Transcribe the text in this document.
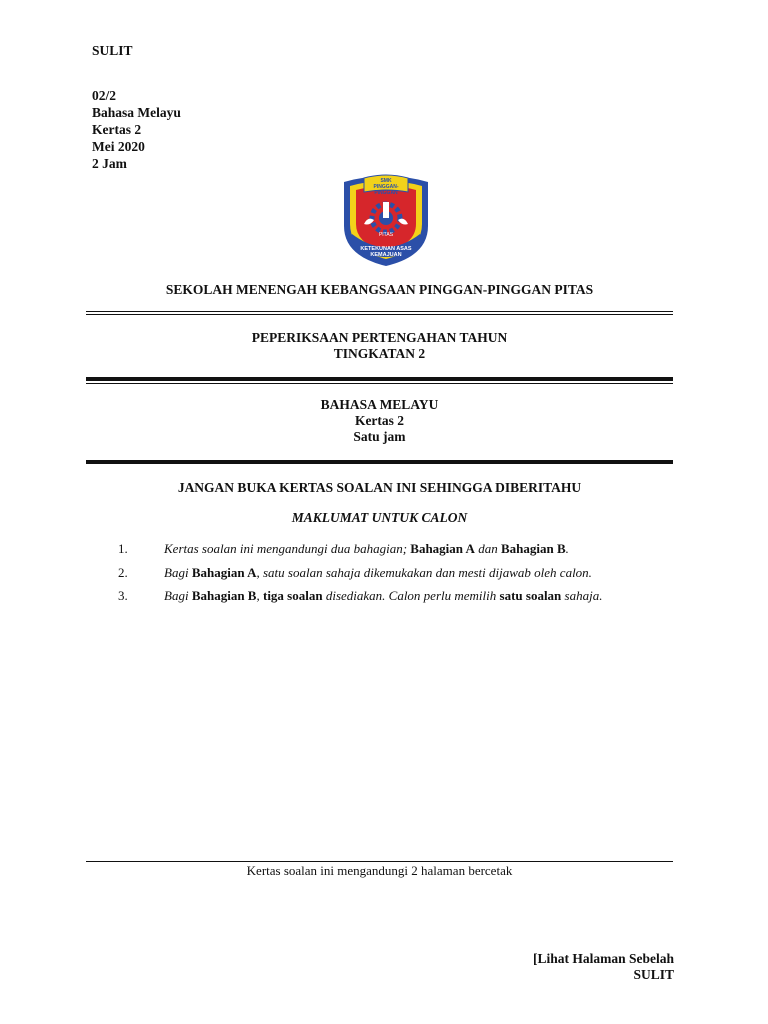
SULIT
02/2
Bahasa Melayu
Kertas 2
Mei 2020
2 Jam
SMK PINGGAN-PINGGAN
PITAS
KETEKUNAN ASAS KEMAJUAN
SEKOLAH MENENGAH KEBANGSAAN PINGGAN-PINGGAN PITAS
PEPERIKSAAN PERTENGAHAN TAHUN
TINGKATAN 2
BAHASA MELAYU
Kertas 2
Satu jam
JANGAN BUKA KERTAS SOALAN INI SEHINGGA DIBERITAHU
MAKLUMAT UNTUK CALON
1.	Kertas soalan ini mengandungi dua bahagian; Bahagian A dan Bahagian B.
2.	Bagi Bahagian A, satu soalan sahaja dikemukakan dan mesti dijawab oleh calon.
3.	Bagi Bahagian B, tiga soalan disediakan. Calon perlu memilih satu soalan sahaja.
Kertas soalan ini mengandungi 2 halaman bercetak
[Lihat Halaman Sebelah
SULIT
